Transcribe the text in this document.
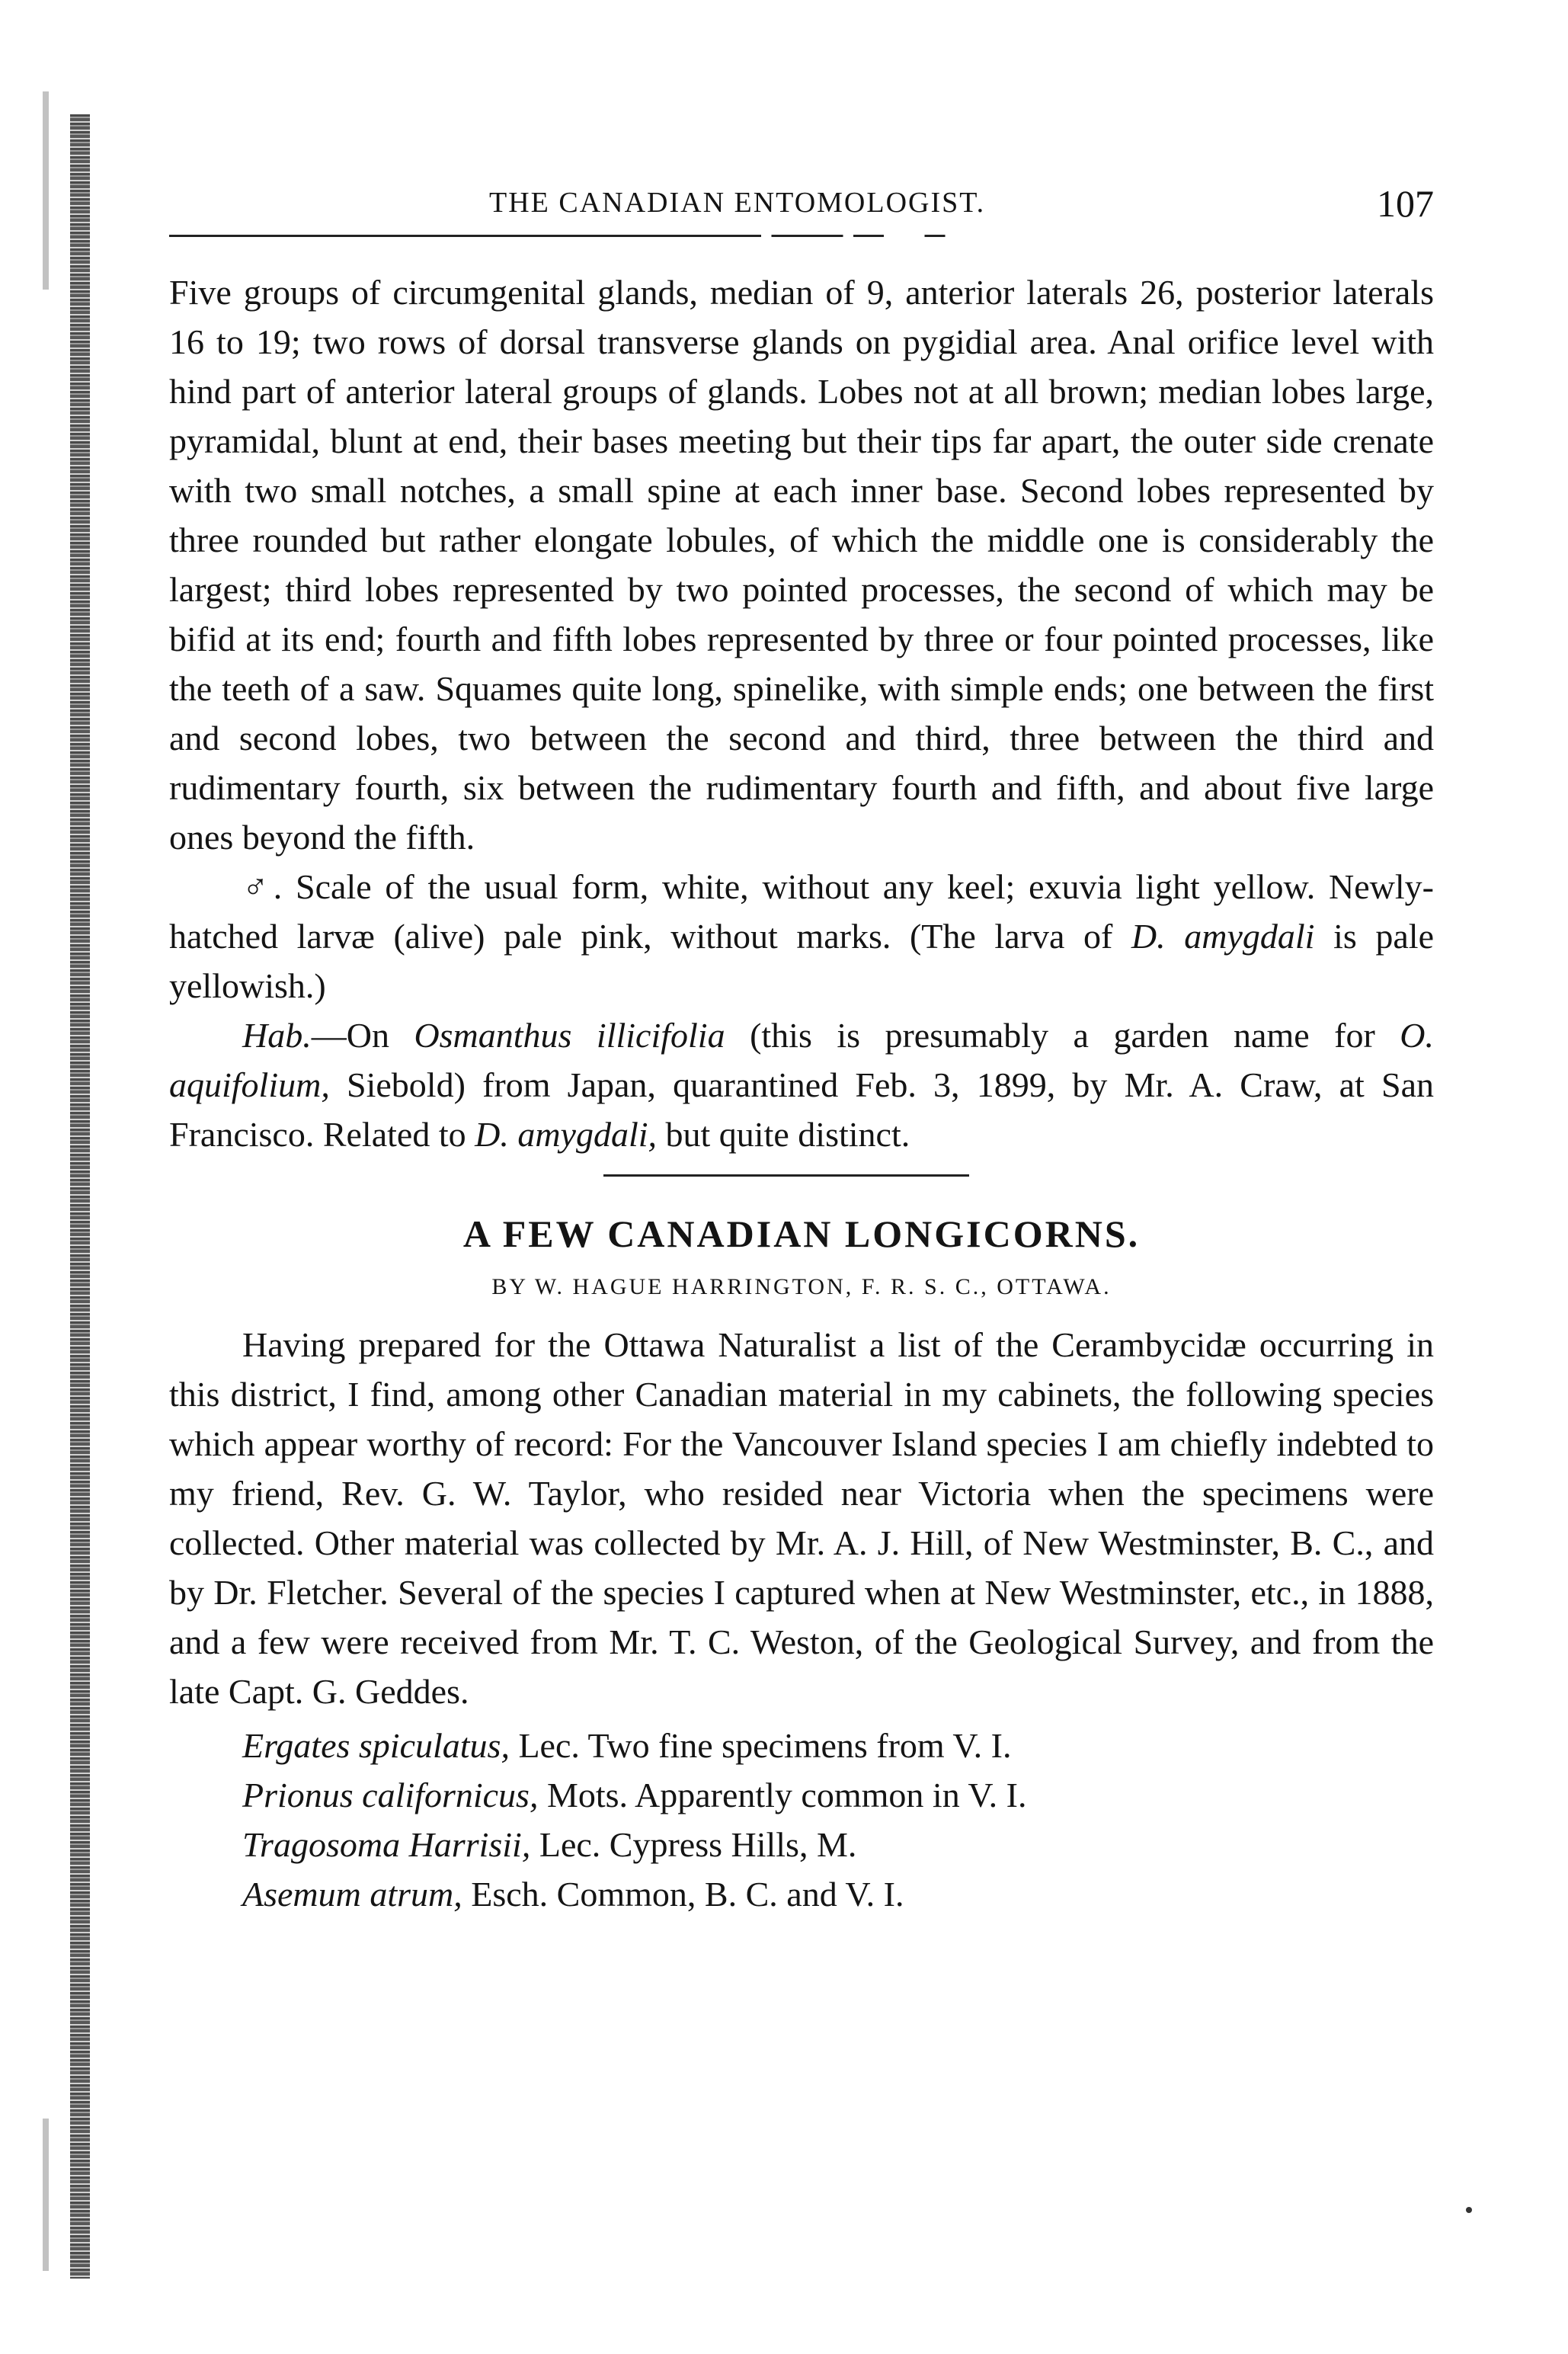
THE CANADIAN ENTOMOLOGIST.	107

Five groups of circumgenital glands, median of 9, anterior laterals 26, posterior laterals 16 to 19; two rows of dorsal transverse glands on pygidial area. Anal orifice level with hind part of anterior lateral groups of glands. Lobes not at all brown; median lobes large, pyramidal, blunt at end, their bases meeting but their tips far apart, the outer side crenate with two small notches, a small spine at each inner base. Second lobes represented by three rounded but rather elongate lobules, of which the middle one is considerably the largest; third lobes represented by two pointed processes, the second of which may be bifid at its end; fourth and fifth lobes represented by three or four pointed processes, like the teeth of a saw. Squames quite long, spinelike, with simple ends; one between the first and second lobes, two between the second and third, three between the third and rudimentary fourth, six between the rudimentary fourth and fifth, and about five large ones beyond the fifth.

♂. Scale of the usual form, white, without any keel; exuvia light yellow. Newly-hatched larvæ (alive) pale pink, without marks. (The larva of D. amygdali is pale yellowish.)

Hab.—On Osmanthus illicifolia (this is presumably a garden name for O. aquifolium, Siebold) from Japan, quarantined Feb. 3, 1899, by Mr. A. Craw, at San Francisco. Related to D. amygdali, but quite distinct.

A FEW CANADIAN LONGICORNS.
BY W. HAGUE HARRINGTON, F. R. S. C., OTTAWA.

Having prepared for the Ottawa Naturalist a list of the Cerambycidæ occurring in this district, I find, among other Canadian material in my cabinets, the following species which appear worthy of record: For the Vancouver Island species I am chiefly indebted to my friend, Rev. G. W. Taylor, who resided near Victoria when the specimens were collected. Other material was collected by Mr. A. J. Hill, of New Westminster, B. C., and by Dr. Fletcher. Several of the species I captured when at New Westminster, etc., in 1888, and a few were received from Mr. T. C. Weston, of the Geological Survey, and from the late Capt. G. Geddes.

Ergates spiculatus, Lec. Two fine specimens from V. I.

Prionus californicus, Mots. Apparently common in V. I.

Tragosoma Harrisii, Lec. Cypress Hills, M.

Asemum atrum, Esch. Common, B. C. and V. I.
